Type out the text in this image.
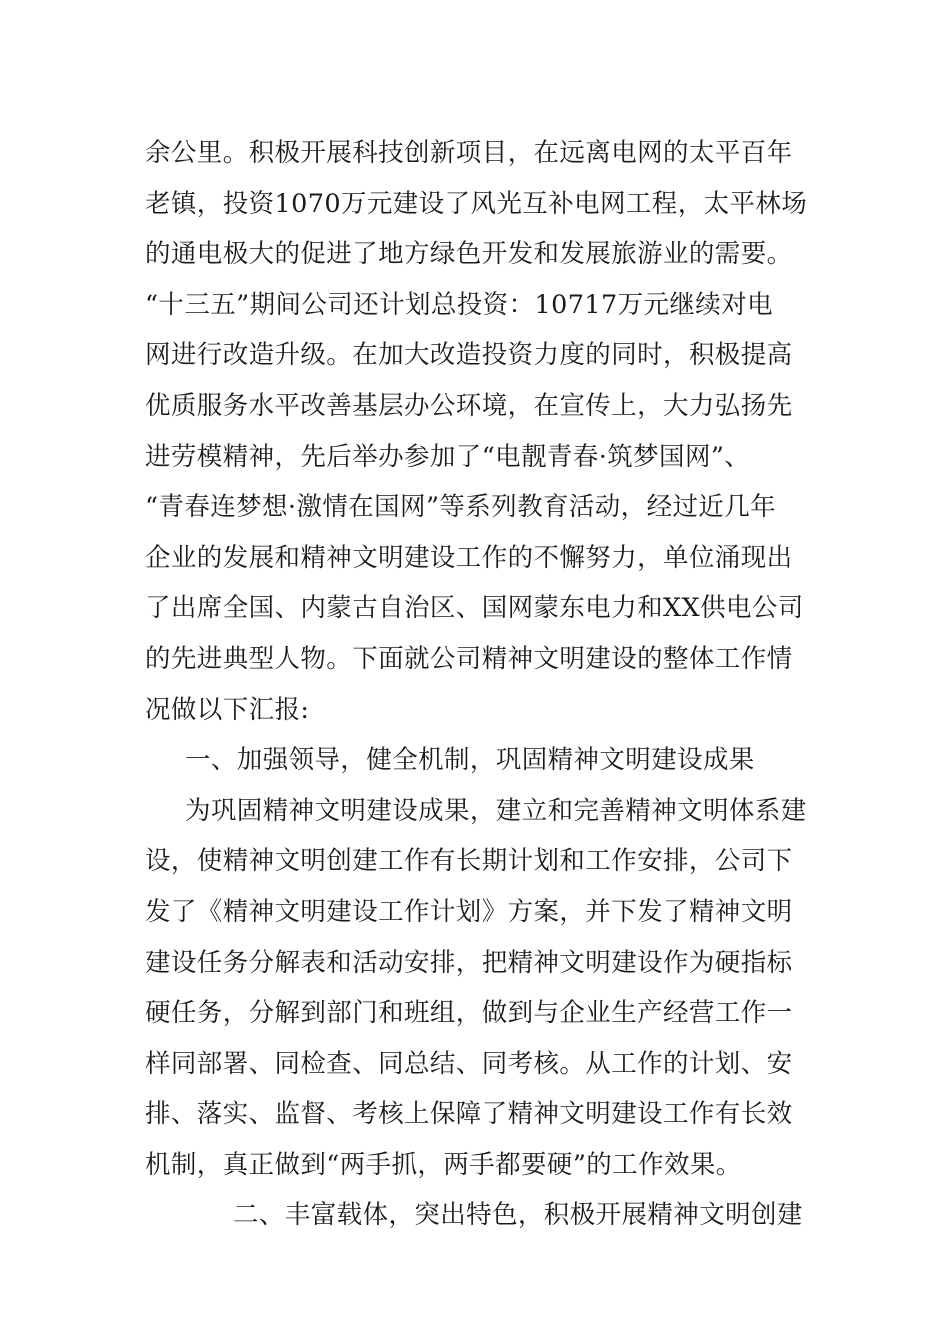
余公里。积极开展科技创新项目，在远离电网的太平百年
老镇，投资1070万元建设了风光互补电网工程，太平林场
的通电极大的促进了地方绿色开发和发展旅游业的需要。
“十三五”期间公司还计划总投资：10717万元继续对电
网进行改造升级。在加大改造投资力度的同时，积极提高
优质服务水平改善基层办公环境，在宣传上，大力弘扬先
进劳模精神，先后举办参加了“电靓青春·筑梦国网”、
“青春连梦想·激情在国网”等系列教育活动，经过近几年
企业的发展和精神文明建设工作的不懈努力，单位涌现出
了出席全国、内蒙古自治区、国网蒙东电力和XX供电公司
的先进典型人物。下面就公司精神文明建设的整体工作情
况做以下汇报:
一、加强领导，健全机制，巩固精神文明建设成果
为巩固精神文明建设成果，建立和完善精神文明体系建
设，使精神文明创建工作有长期计划和工作安排，公司下
发了《精神文明建设工作计划》方案，并下发了精神文明
建设任务分解表和活动安排，把精神文明建设作为硬指标
硬任务，分解到部门和班组，做到与企业生产经营工作一
样同部署、同检查、同总结、同考核。从工作的计划、安
排、落实、监督、考核上保障了精神文明建设工作有长效
机制，真正做到“两手抓，两手都要硬”的工作效果。
二、丰富载体，突出特色，积极开展精神文明创建
